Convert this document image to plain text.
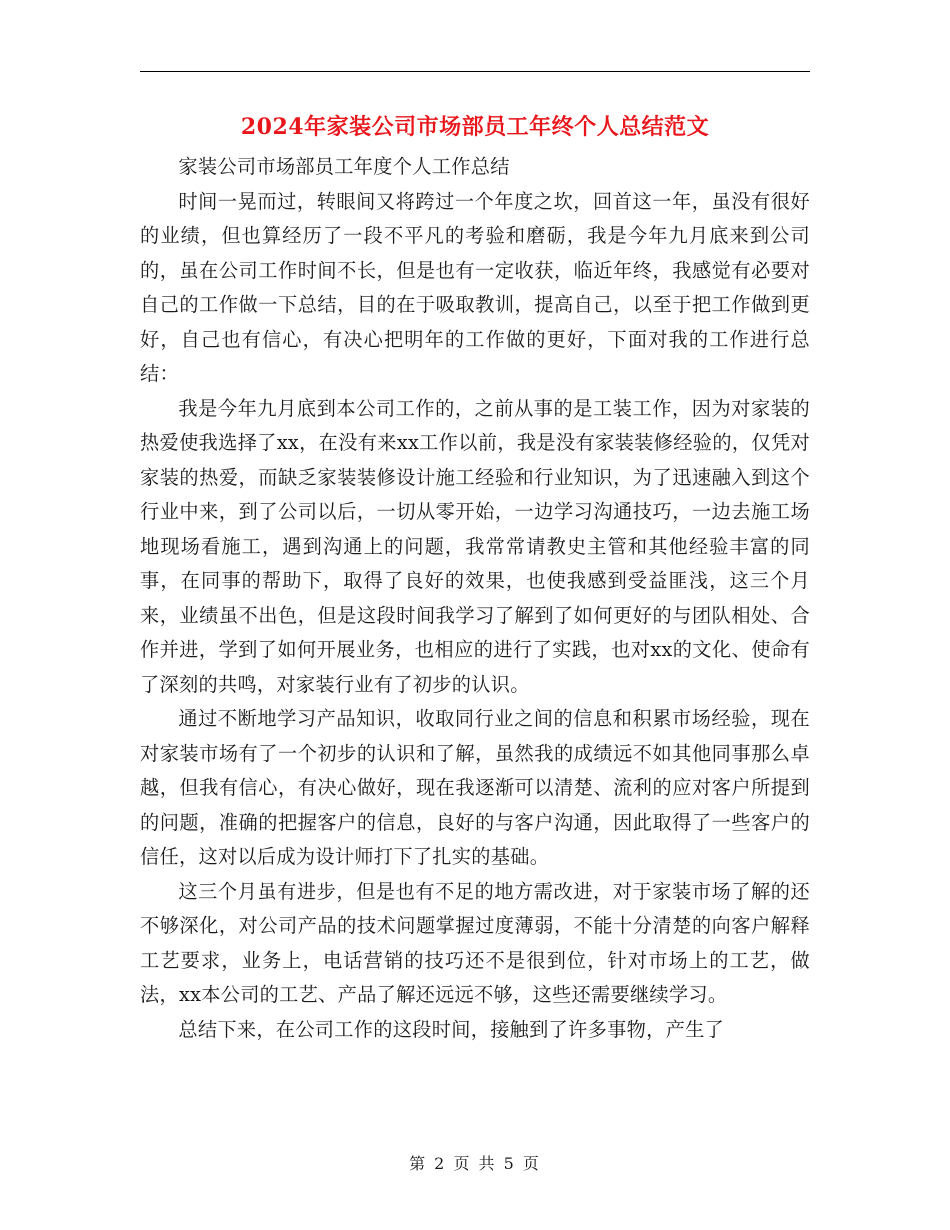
2024年家装公司市场部员工年终个人总结范文

家装公司市场部员工年度个人工作总结

时间一晃而过，转眼间又将跨过一个年度之坎，回首这一年，虽没有很好的业绩，但也算经历了一段不平凡的考验和磨砺，我是今年九月底来到公司的，虽在公司工作时间不长，但是也有一定收获，临近年终，我感觉有必要对自己的工作做一下总结，目的在于吸取教训，提高自己，以至于把工作做到更好，自己也有信心，有决心把明年的工作做的更好，下面对我的工作进行总结：

我是今年九月底到本公司工作的，之前从事的是工装工作，因为对家装的热爱使我选择了xx，在没有来xx工作以前，我是没有家装装修经验的，仅凭对家装的热爱，而缺乏家装装修设计施工经验和行业知识，为了迅速融入到这个行业中来，到了公司以后，一切从零开始，一边学习沟通技巧，一边去施工场地现场看施工，遇到沟通上的问题，我常常请教史主管和其他经验丰富的同事，在同事的帮助下，取得了良好的效果，也使我感到受益匪浅，这三个月来，业绩虽不出色，但是这段时间我学习了解到了如何更好的与团队相处、合作并进，学到了如何开展业务，也相应的进行了实践，也对xx的文化、使命有了深刻的共鸣，对家装行业有了初步的认识。

通过不断地学习产品知识，收取同行业之间的信息和积累市场经验，现在对家装市场有了一个初步的认识和了解，虽然我的成绩远不如其他同事那么卓越，但我有信心，有决心做好，现在我逐渐可以清楚、流利的应对客户所提到的问题，准确的把握客户的信息，良好的与客户沟通，因此取得了一些客户的信任，这对以后成为设计师打下了扎实的基础。

这三个月虽有进步，但是也有不足的地方需改进，对于家装市场了解的还不够深化，对公司产品的技术问题掌握过度薄弱，不能十分清楚的向客户解释工艺要求，业务上，电话营销的技巧还不是很到位，针对市场上的工艺，做法，xx本公司的工艺、产品了解还远远不够，这些还需要继续学习。

总结下来，在公司工作的这段时间，接触到了许多事物，产生了

第 2 页 共 5 页
